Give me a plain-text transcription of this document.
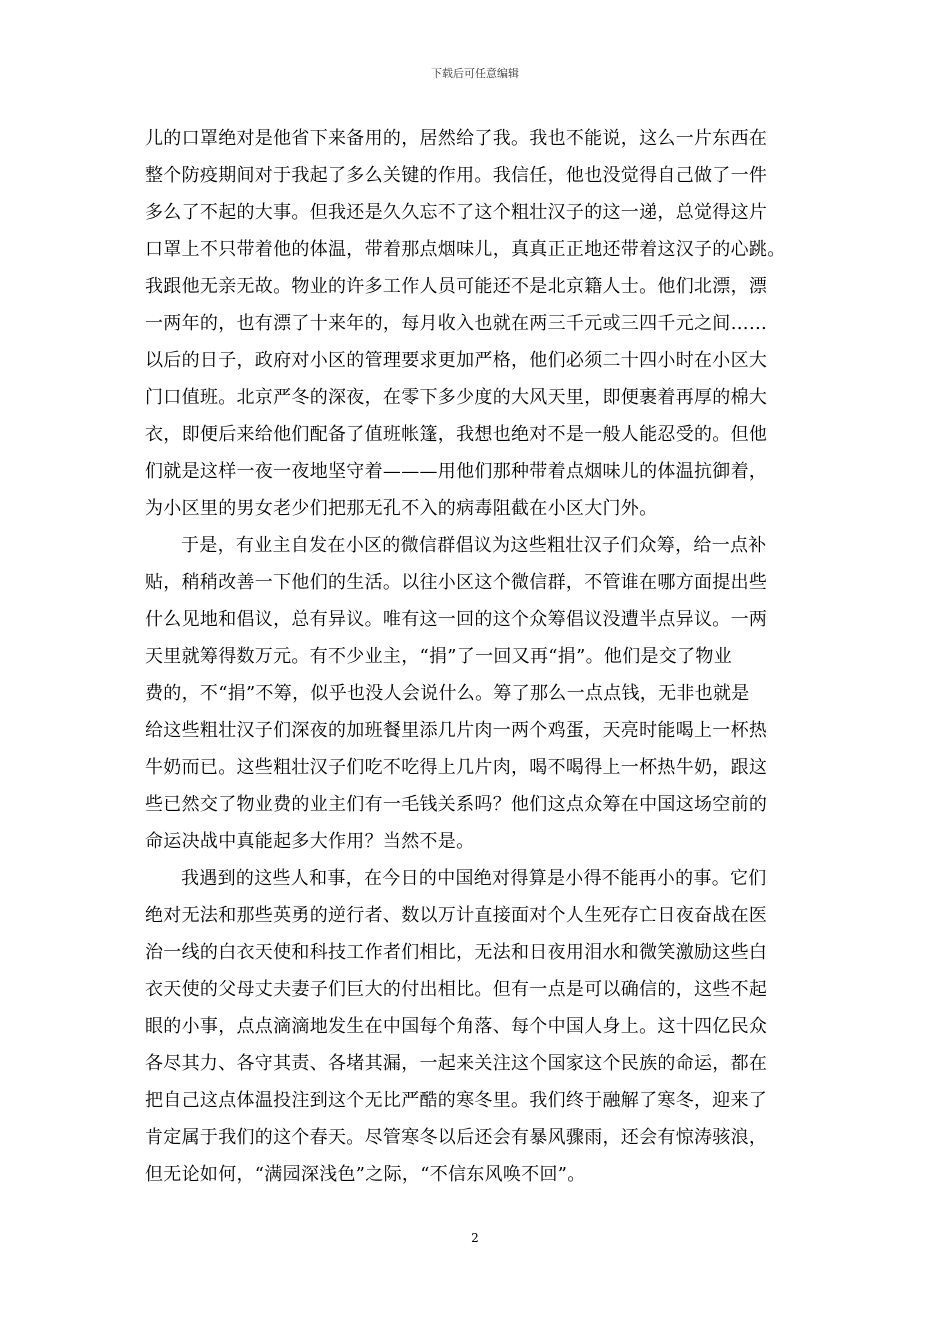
下载后可任意编辑
儿的口罩绝对是他省下来备用的，居然给了我。我也不能说，这么一片东西在
整个防疫期间对于我起了多么关键的作用。我信任，他也没觉得自己做了一件
多么了不起的大事。但我还是久久忘不了这个粗壮汉子的这一递，总觉得这片
口罩上不只带着他的体温，带着那点烟味儿，真真正正地还带着这汉子的心跳。
我跟他无亲无故。物业的许多工作人员可能还不是北京籍人士。他们北漂，漂
一两年的，也有漂了十来年的，每月收入也就在两三千元或三四千元之间……
以后的日子，政府对小区的管理要求更加严格，他们必须二十四小时在小区大
门口值班。北京严冬的深夜，在零下多少度的大风天里，即便裹着再厚的棉大
衣，即便后来给他们配备了值班帐篷，我想也绝对不是一般人能忍受的。但他
们就是这样一夜一夜地坚守着———用他们那种带着点烟味儿的体温抗御着，
为小区里的男女老少们把那无孔不入的病毒阻截在小区大门外。
于是，有业主自发在小区的微信群倡议为这些粗壮汉子们众筹，给一点补
贴，稍稍改善一下他们的生活。以往小区这个微信群，不管谁在哪方面提出些
什么见地和倡议，总有异议。唯有这一回的这个众筹倡议没遭半点异议。一两
天里就筹得数万元。有不少业主，“捐”了一回又再“捐”。他们是交了物业
费的，不“捐”不筹，似乎也没人会说什么。筹了那么一点点钱，无非也就是
给这些粗壮汉子们深夜的加班餐里添几片肉一两个鸡蛋，天亮时能喝上一杯热
牛奶而已。这些粗壮汉子们吃不吃得上几片肉，喝不喝得上一杯热牛奶，跟这
些已然交了物业费的业主们有一毛钱关系吗？他们这点众筹在中国这场空前的
命运决战中真能起多大作用？当然不是。
我遇到的这些人和事，在今日的中国绝对得算是小得不能再小的事。它们
绝对无法和那些英勇的逆行者、数以万计直接面对个人生死存亡日夜奋战在医
治一线的白衣天使和科技工作者们相比，无法和日夜用泪水和微笑激励这些白
衣天使的父母丈夫妻子们巨大的付出相比。但有一点是可以确信的，这些不起
眼的小事，点点滴滴地发生在中国每个角落、每个中国人身上。这十四亿民众
各尽其力、各守其责、各堵其漏，一起来关注这个国家这个民族的命运，都在
把自己这点体温投注到这个无比严酷的寒冬里。我们终于融解了寒冬，迎来了
肯定属于我们的这个春天。尽管寒冬以后还会有暴风骤雨，还会有惊涛骇浪，
但无论如何，“满园深浅色”之际，“不信东风唤不回”。
2
